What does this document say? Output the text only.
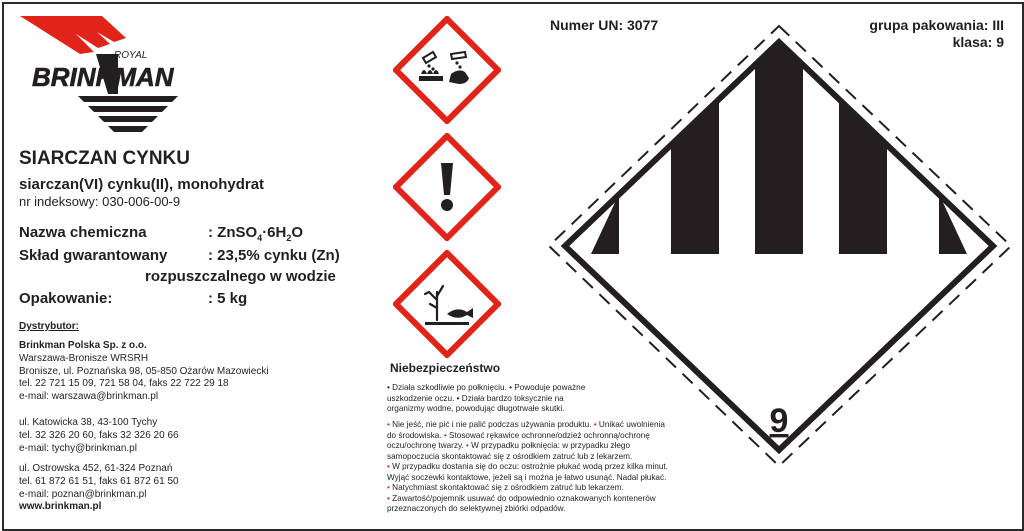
ROYAL
BRINKMAN
SIARCZAN CYNKU
siarczan(VI) cynku(II), monohydrat
nr indeksowy: 030-006-00-9
Nazwa chemiczna	: $ZnSO_4\cdot 6H_2O$
Skład gwarantowany	: 23,5% cynku (Zn)
rozpuszczalnego w wodzie
Opakowanie:	: 5 kg
Dystrybutor:
Brinkman Polska Sp. z o.o.
Warszawa-Bronisze WRSRH
Bronisze, ul. Poznańska 98, 05-850 Ożarów Mazowiecki
tel. 22 721 15 09, 721 58 04, faks 22 722 29 18
e-mail: warszawa@brinkman.pl
ul. Katowicka 38, 43-100 Tychy
tel. 32 326 20 60, faks 32 326 20 66
e-mail: tychy@brinkman.pl
ul. Ostrowska 452, 61-324 Poznań
tel. 61 872 61 51, faks 61 872 61 50
e-mail: poznan@brinkman.pl
www.brinkman.pl
Numer UN: 3077	grupa pakowania: III
klasa: 9
9
Niebezpieczeństwo
• Działa szkodliwie po połknięciu. • Powoduje poważne
uszkodzenie oczu. • Działa bardzo toksycznie na
organizmy wodne, powodując długotrwałe skutki.
• Nie jeść, nie pić i nie palić podczas używania produktu. • Unikać uwolnienia
do środowiska. • Stosować rękawice ochronne/odzież ochronną/ochronę
oczu/ochronę twarzy. • W przypadku połknięcia: w przypadku złego
samopoczucia skontaktować się z ośrodkiem zatruć lub z lekarzem.
• W przypadku dostania się do oczu: ostrożnie płukać wodą przez kilka minut.
Wyjąć soczewki kontaktowe, jeżeli są i można je łatwo usunąć. Nadal płukać.
• Natychmiast skontaktować się z ośrodkiem zatruć lub lekarzem.
• Zawartość/pojemnik usuwać do odpowiednio oznakowanych kontenerów
przeznaczonych do selektywnej zbiórki odpadów.
